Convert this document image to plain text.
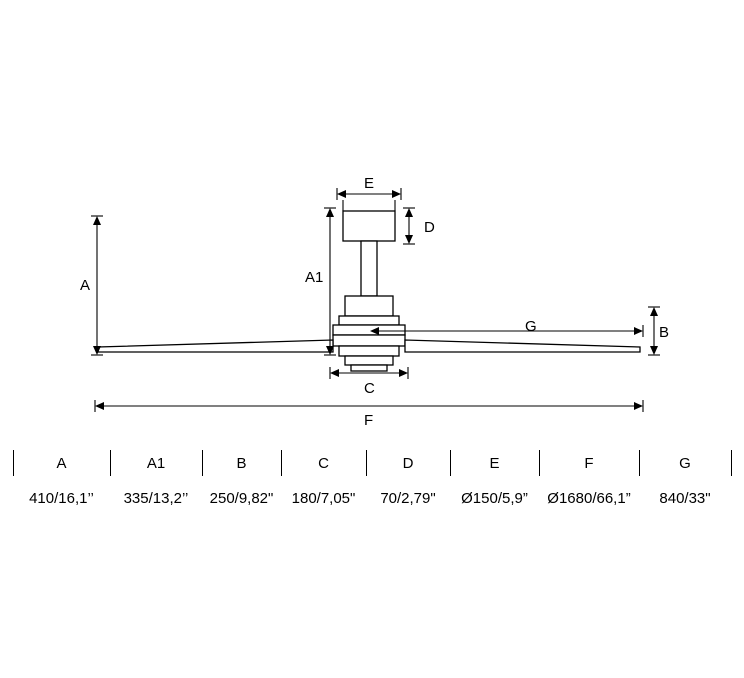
A	A1
B
C
D
E
F
G
A	A1	B	C	D	E	F	G
410/16,1’’	335/13,2’’	250/9,82"	180/7,05"	70/2,79"	Ø150/5,9”	Ø1680/66,1”	840/33"
